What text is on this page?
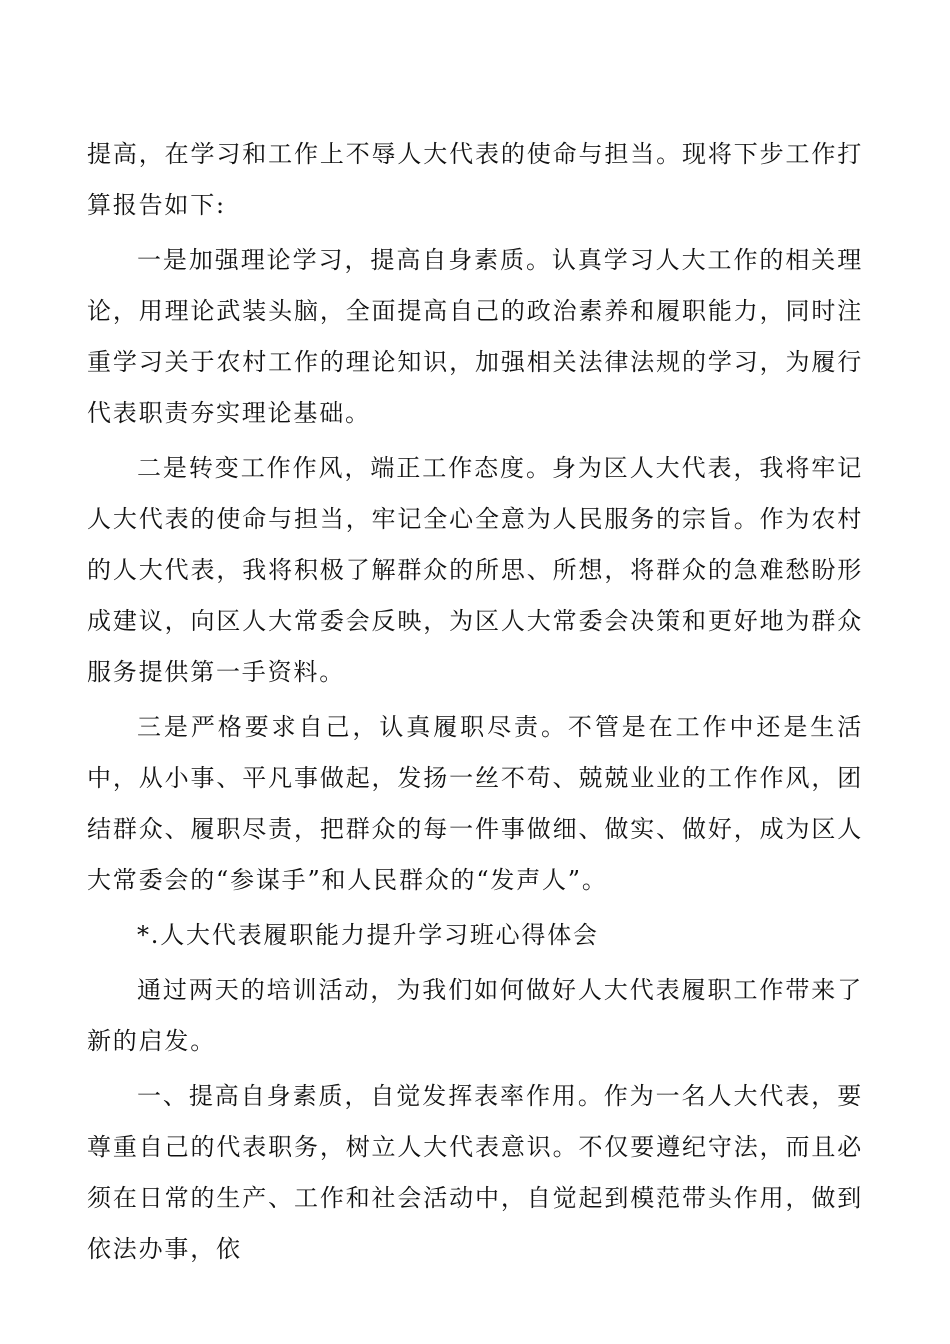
提高，在学习和工作上不辱人大代表的使命与担当。现将下步工作打算报告如下:

一是加强理论学习，提高自身素质。认真学习人大工作的相关理论，用理论武装头脑，全面提高自己的政治素养和履职能力，同时注重学习关于农村工作的理论知识，加强相关法律法规的学习，为履行代表职责夯实理论基础。

二是转变工作作风，端正工作态度。身为区人大代表，我将牢记人大代表的使命与担当，牢记全心全意为人民服务的宗旨。作为农村的人大代表，我将积极了解群众的所思、所想，将群众的急难愁盼形成建议，向区人大常委会反映，为区人大常委会决策和更好地为群众服务提供第一手资料。

三是严格要求自己，认真履职尽责。不管是在工作中还是生活中，从小事、平凡事做起，发扬一丝不苟、兢兢业业的工作作风，团结群众、履职尽责，把群众的每一件事做细、做实、做好，成为区人大常委会的“参谋手”和人民群众的“发声人”。

*.人大代表履职能力提升学习班心得体会

通过两天的培训活动，为我们如何做好人大代表履职工作带来了新的启发。

一、提高自身素质，自觉发挥表率作用。作为一名人大代表，要尊重自己的代表职务，树立人大代表意识。不仅要遵纪守法，而且必须在日常的生产、工作和社会活动中，自觉起到模范带头作用，做到依法办事，依
